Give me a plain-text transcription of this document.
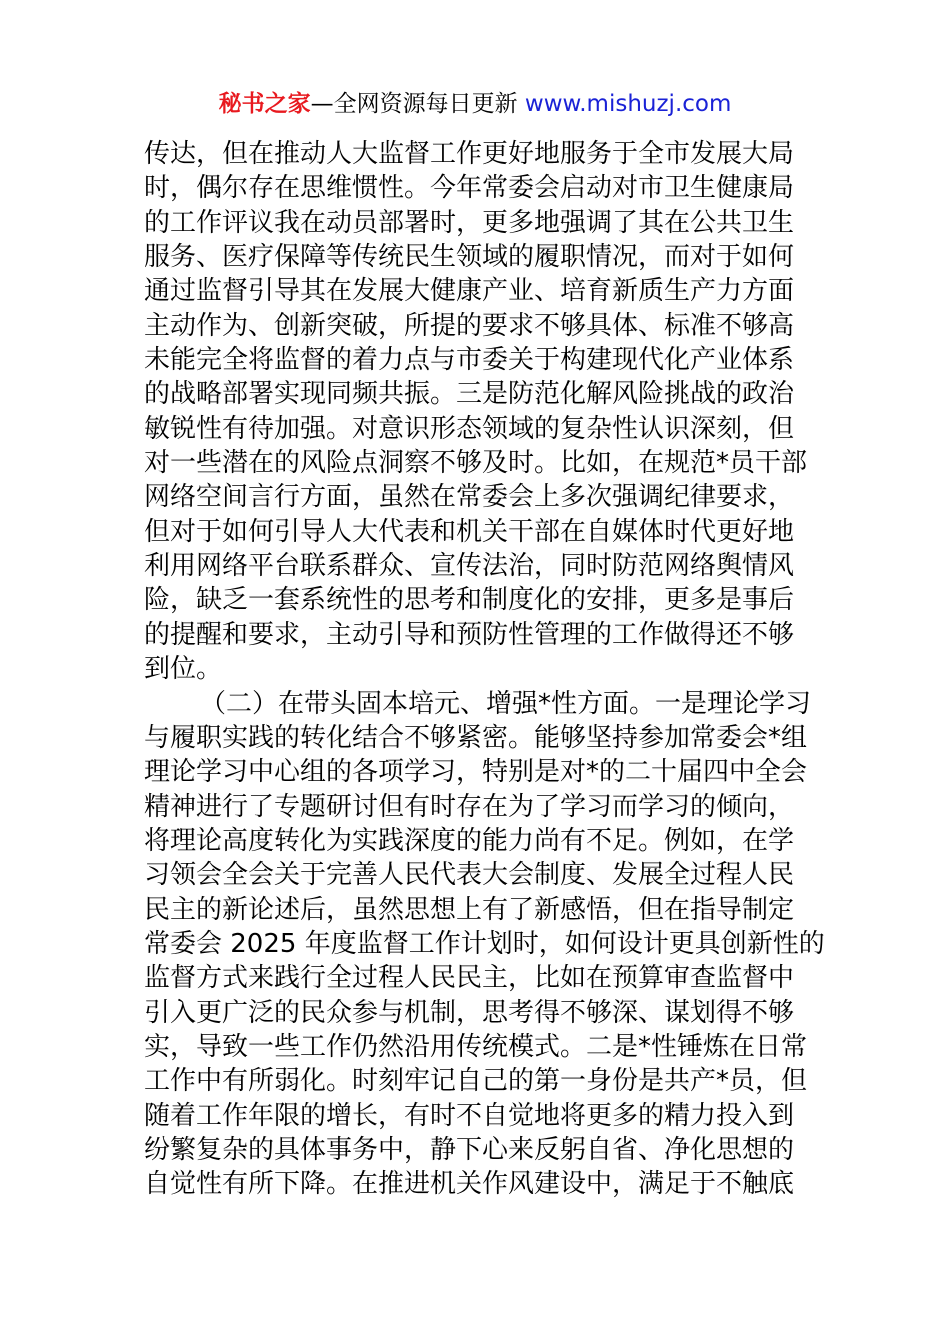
秘书之家—全网资源每日更新 www.mishuzj.com
传达，但在推动人大监督工作更好地服务于全市发展大局
时，偶尔存在思维惯性。今年常委会启动对市卫生健康局
的工作评议我在动员部署时，更多地强调了其在公共卫生
服务、医疗保障等传统民生领域的履职情况，而对于如何
通过监督引导其在发展大健康产业、培育新质生产力方面
主动作为、创新突破，所提的要求不够具体、标准不够高
未能完全将监督的着力点与市委关于构建现代化产业体系
的战略部署实现同频共振。三是防范化解风险挑战的政治
敏锐性有待加强。对意识形态领域的复杂性认识深刻，但
对一些潜在的风险点洞察不够及时。比如，在规范*员干部
网络空间言行方面，虽然在常委会上多次强调纪律要求，
但对于如何引导人大代表和机关干部在自媒体时代更好地
利用网络平台联系群众、宣传法治，同时防范网络舆情风
险，缺乏一套系统性的思考和制度化的安排，更多是事后
的提醒和要求，主动引导和预防性管理的工作做得还不够
到位。
（二）在带头固本培元、增强*性方面。一是理论学习
与履职实践的转化结合不够紧密。能够坚持参加常委会*组
理论学习中心组的各项学习，特别是对*的二十届四中全会
精神进行了专题研讨但有时存在为了学习而学习的倾向，
将理论高度转化为实践深度的能力尚有不足。例如，在学
习领会全会关于完善人民代表大会制度、发展全过程人民
民主的新论述后，虽然思想上有了新感悟，但在指导制定
常委会 2025 年度监督工作计划时，如何设计更具创新性的
监督方式来践行全过程人民民主，比如在预算审查监督中
引入更广泛的民众参与机制，思考得不够深、谋划得不够
实，导致一些工作仍然沿用传统模式。二是*性锤炼在日常
工作中有所弱化。时刻牢记自己的第一身份是共产*员，但
随着工作年限的增长，有时不自觉地将更多的精力投入到
纷繁复杂的具体事务中，静下心来反躬自省、净化思想的
自觉性有所下降。在推进机关作风建设中，满足于不触底
